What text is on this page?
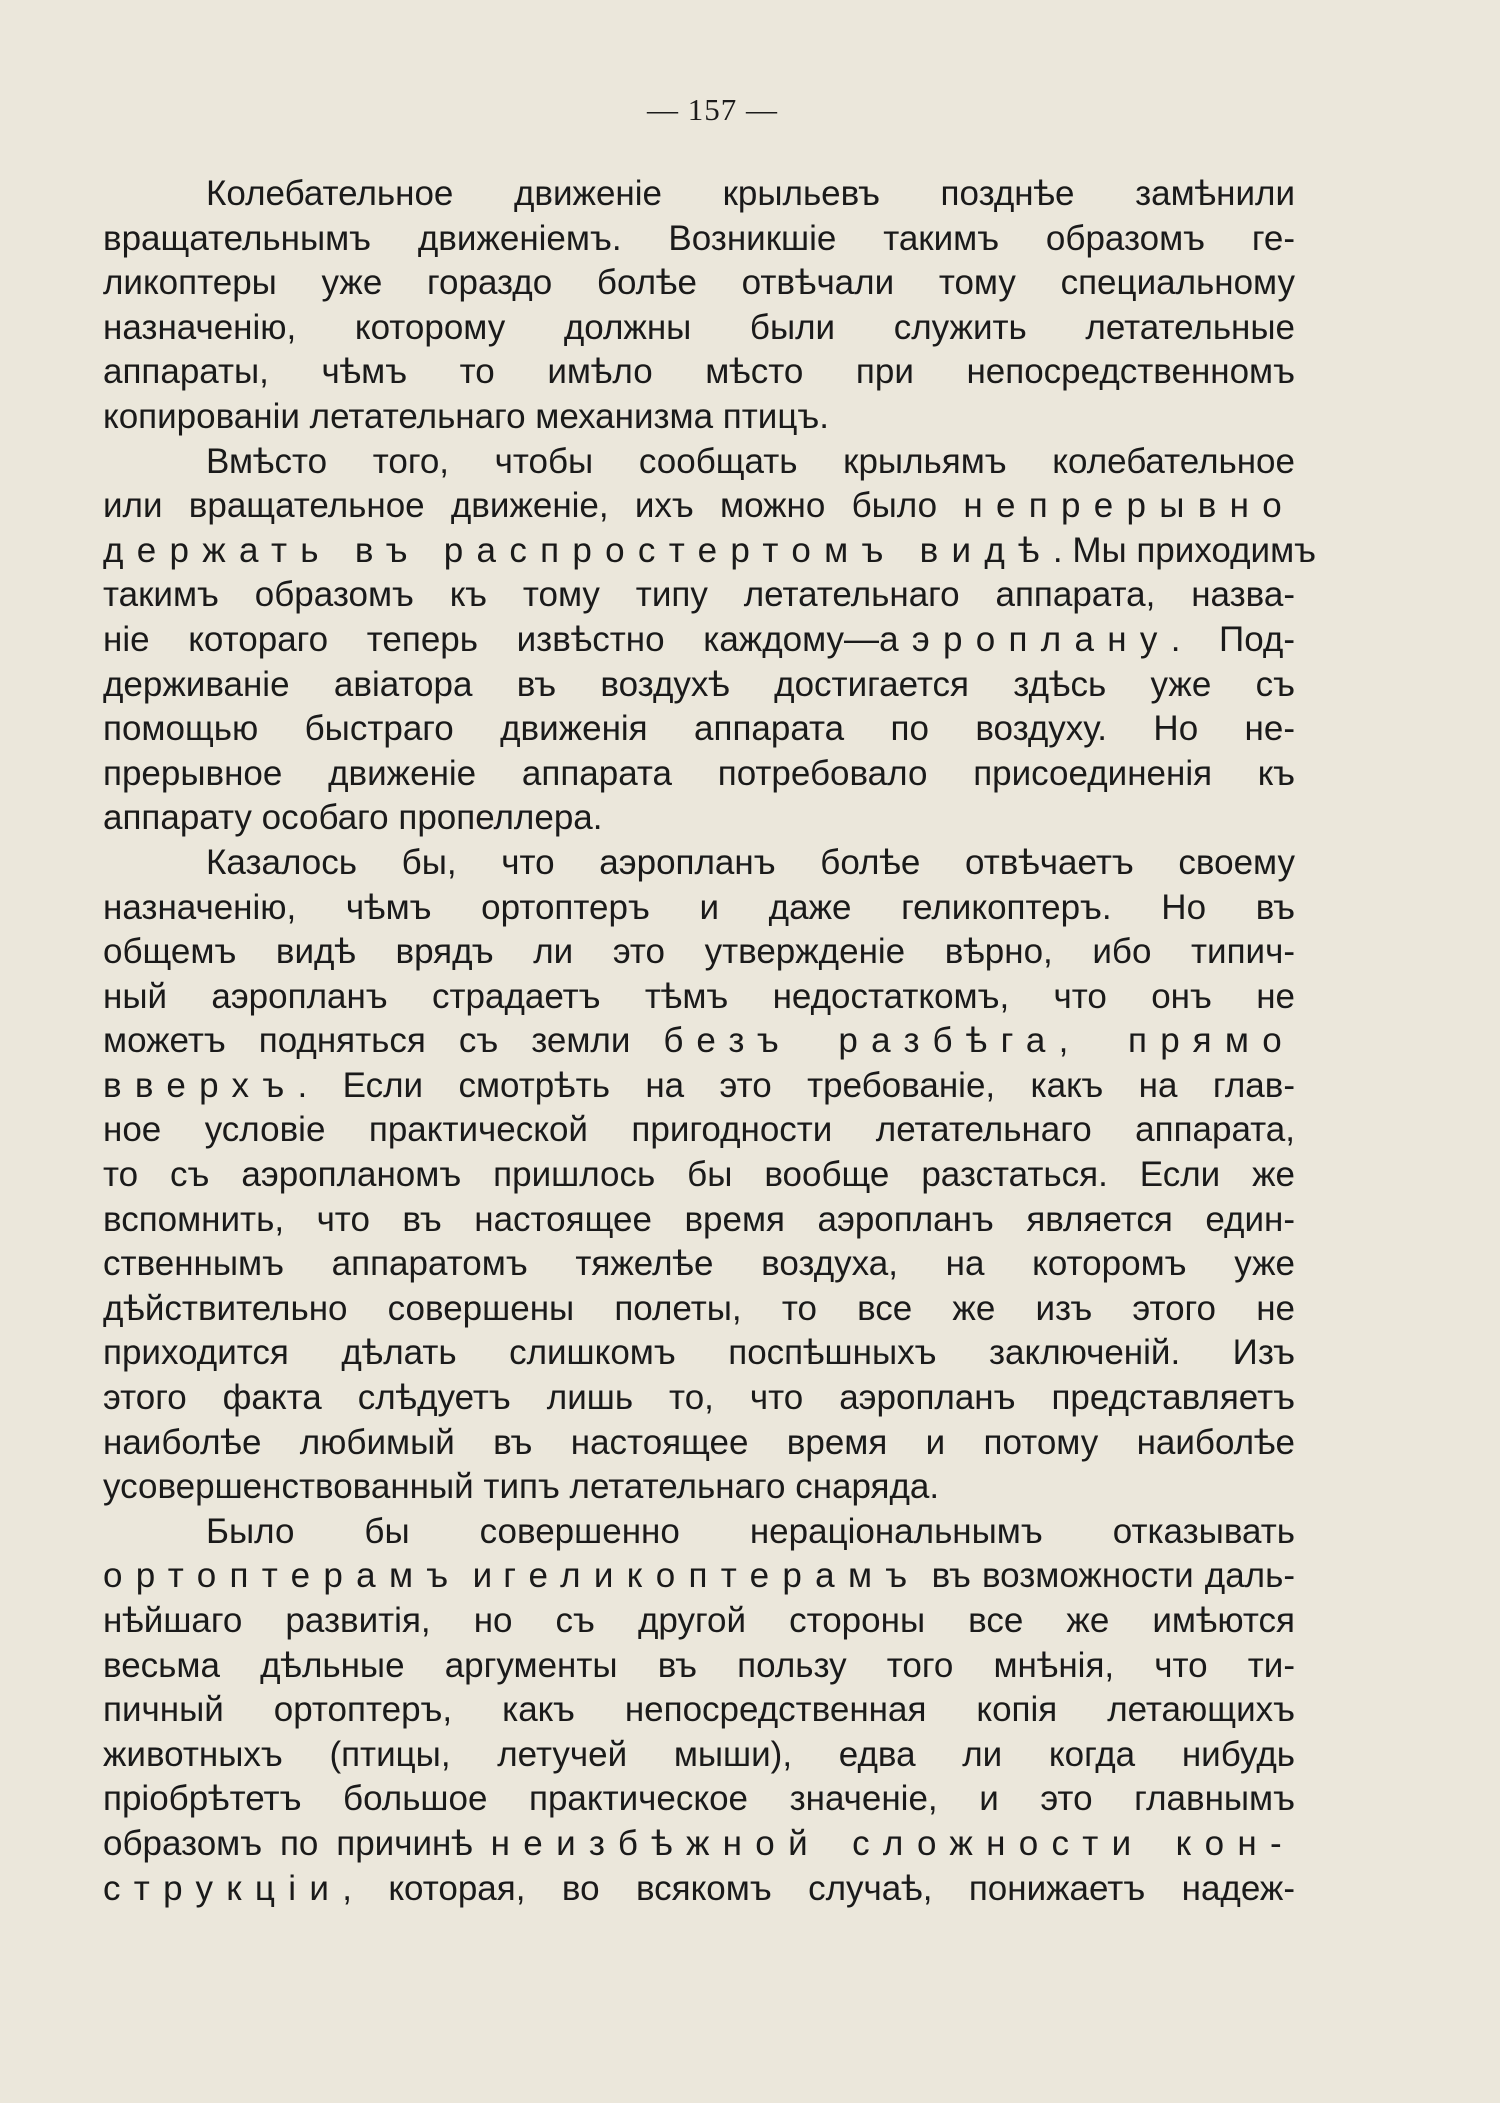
— 157 —
Колебательное движенiе крыльевъ позднѣе замѣнили
вращательнымъ движенiемъ. Возникшiе такимъ образомъ ге-
ликоптеры уже гораздо болѣе отвѣчали тому специальному
назначенiю, которому должны были служить летательные
аппараты, чѣмъ то имѣло мѣсто при непосредственномъ
копированiи летательнаго механизма птицъ.
Вмѣсто того, чтобы сообщать крыльямъ колебательное
или вращательное движенiе, ихъ можно было непрерывно
держать въ распростертомъ видѣ. Мы приходимъ
такимъ образомъ къ тому типу летательнаго аппарата, назва-
нiе котораго теперь извѣстно каждому—аэроплану. Под-
держиванiе авiатора въ воздухѣ достигается здѣсь уже съ
помощью быстраго движенiя аппарата по воздуху. Но не-
прерывное движенiе аппарата потребовало присоединенiя къ
аппарату особаго пропеллера.
Казалось бы, что аэропланъ болѣе отвѣчаетъ своему
назначенiю, чѣмъ ортоптеръ и даже геликоптеръ. Но въ
общемъ видѣ врядъ ли это утвержденiе вѣрно, ибо типич-
ный аэропланъ страдаетъ тѣмъ недостаткомъ, что онъ не
можетъ подняться съ земли безъ разбѣга, прямо
вверхъ. Если смотрѣть на это требованiе, какъ на глав-
ное условiе практической пригодности летательнаго аппарата,
то съ аэропланомъ пришлось бы вообще разстаться. Если же
вспомнить, что въ настоящее время аэропланъ является един-
ственнымъ аппаратомъ тяжелѣе воздуха, на которомъ уже
дѣйствительно совершены полеты, то все же изъ этого не
приходится дѣлать слишкомъ поспѣшныхъ заключенiй. Изъ
этого факта слѣдуетъ лишь то, что аэропланъ представляетъ
наиболѣе любимый въ настоящее время и потому наиболѣе
усовершенствованный типъ летательнаго снаряда.
Было бы совершенно нерацiональнымъ отказывать
ортоптерамъ и геликоптерамъ въ возможности даль-
нѣйшаго развитiя, но съ другой стороны все же имѣются
весьма дѣльные аргументы въ пользу того мнѣнiя, что ти-
пичный ортоптеръ, какъ непосредственная копiя летающихъ
животныхъ (птицы, летучей мыши), едва ли когда нибудь
прiобрѣтетъ большое практическое значенiе, и это главнымъ
образомъ по причинѣ неизбѣжной сложности кон-
струкцiи, которая, во всякомъ случаѣ, понижаетъ надеж-
